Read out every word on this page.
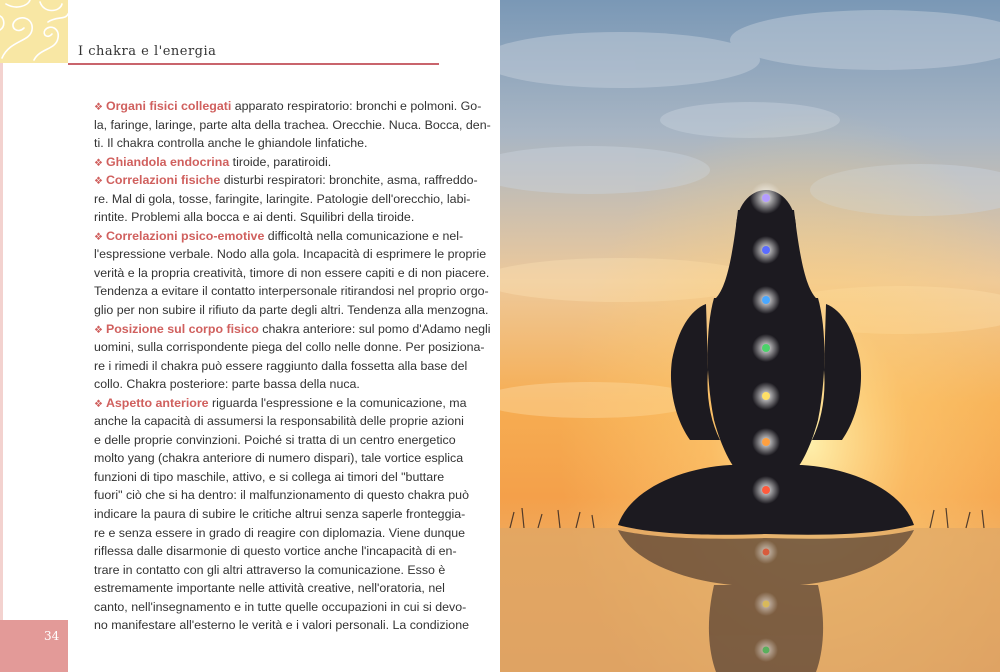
I chakra e l'energia
❖ Organi fisici collegati apparato respiratorio: bronchi e polmoni. Go-
la, faringe, laringe, parte alta della trachea. Orecchie. Nuca. Bocca, den-
ti. Il chakra controlla anche le ghiandole linfatiche.
❖ Ghiandola endocrina tiroide, paratiroidi.
❖ Correlazioni fisiche disturbi respiratori: bronchite, asma, raffreddo-
re. Mal di gola, tosse, faringite, laringite. Patologie dell'orecchio, labi-
rintite. Problemi alla bocca e ai denti. Squilibri della tiroide.
❖ Correlazioni psico-emotive difficoltà nella comunicazione e nel-
l'espressione verbale. Nodo alla gola. Incapacità di esprimere le proprie
verità e la propria creatività, timore di non essere capiti e di non piacere.
Tendenza a evitare il contatto interpersonale ritirandosi nel proprio orgo-
glio per non subire il rifiuto da parte degli altri. Tendenza alla menzogna.
❖ Posizione sul corpo fisico chakra anteriore: sul pomo d'Adamo negli
uomini, sulla corrispondente piega del collo nelle donne. Per posiziona-
re i rimedi il chakra può essere raggiunto dalla fossetta alla base del
collo. Chakra posteriore: parte bassa della nuca.
❖ Aspetto anteriore riguarda l'espressione e la comunicazione, ma
anche la capacità di assumersi la responsabilità delle proprie azioni
e delle proprie convinzioni. Poiché si tratta di un centro energetico
molto yang (chakra anteriore di numero dispari), tale vortice esplica
funzioni di tipo maschile, attivo, e si collega ai timori del "buttare
fuori" ciò che si ha dentro: il malfunzionamento di questo chakra può
indicare la paura di subire le critiche altrui senza saperle fronteggia-
re e senza essere in grado di reagire con diplomazia. Viene dunque
riflessa dalle disarmonie di questo vortice anche l'incapacità di en-
trare in contatto con gli altri attraverso la comunicazione. Esso è
estremamente importante nelle attività creative, nell'oratoria, nel
canto, nell'insegnamento e in tutte quelle occupazioni in cui si devo-
no manifestare all'esterno le verità e i valori personali. La condizione
34
